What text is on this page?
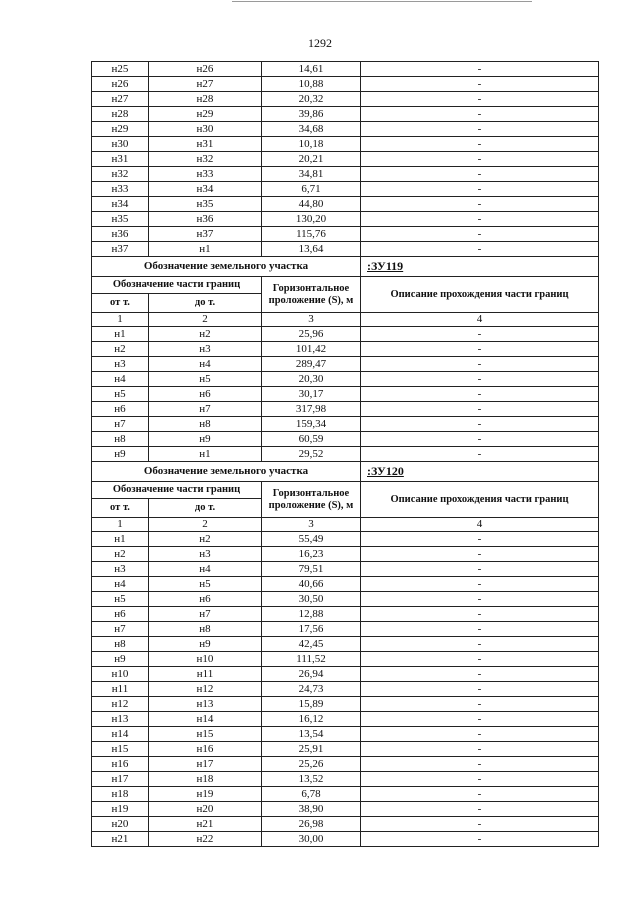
1292
н25	н26	14,61	-
н26	н27	10,88	-
н27	н28	20,32	-
н28	н29	39,86	-
н29	н30	34,68	-
н30	н31	10,18	-
н31	н32	20,21	-
н32	н33	34,81	-
н33	н34	6,71	-
н34	н35	44,80	-
н35	н36	130,20	-
н36	н37	115,76	-
н37	н1	13,64	-
Обозначение земельного участка			:ЗУ119
Обозначение части границ		Горизонтальное проложение (S), м	Описание прохождения части границ
от т.	до т.		
1	2	3	4
н1	н2	25,96	-
н2	н3	101,42	-
н3	н4	289,47	-
н4	н5	20,30	-
н5	н6	30,17	-
н6	н7	317,98	-
н7	н8	159,34	-
н8	н9	60,59	-
н9	н1	29,52	-
Обозначение земельного участка			:ЗУ120
Обозначение части границ		Горизонтальное проложение (S), м	Описание прохождения части границ
от т.	до т.		
1	2	3	4
н1	н2	55,49	-
н2	н3	16,23	-
н3	н4	79,51	-
н4	н5	40,66	-
н5	н6	30,50	-
н6	н7	12,88	-
н7	н8	17,56	-
н8	н9	42,45	-
н9	н10	111,52	-
н10	н11	26,94	-
н11	н12	24,73	-
н12	н13	15,89	-
н13	н14	16,12	-
н14	н15	13,54	-
н15	н16	25,91	-
н16	н17	25,26	-
н17	н18	13,52	-
н18	н19	6,78	-
н19	н20	38,90	-
н20	н21	26,98	-
н21	н22	30,00	-
